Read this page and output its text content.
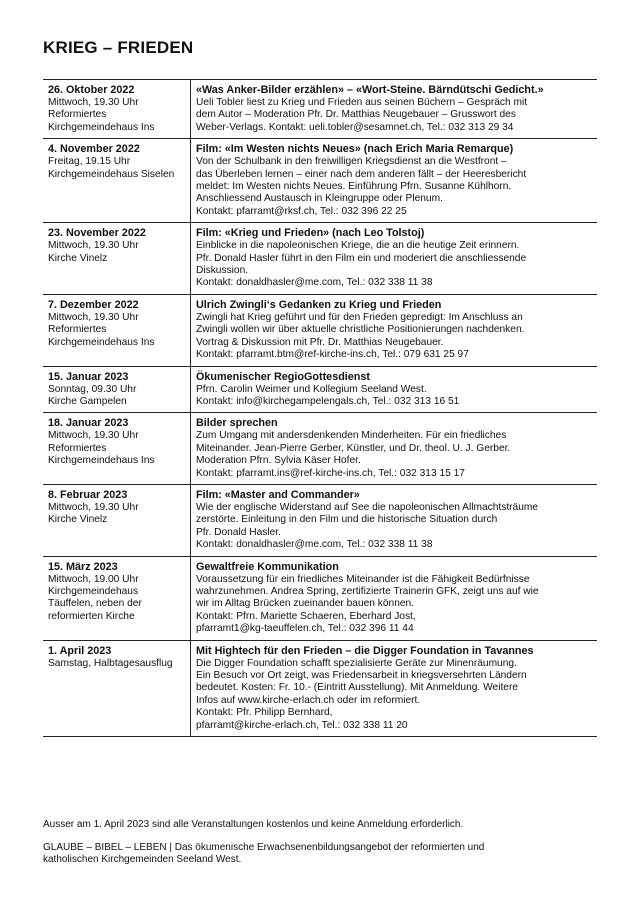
KRIEG – FRIEDEN
26. Oktober 2022
Mittwoch, 19.30 Uhr
Reformiertes
Kirchgemeindehaus Ins
«Was Anker-Bilder erzählen» – «Wort-Steine. Bärndütschi Gedicht.»
Ueli Tobler liest zu Krieg und Frieden aus seinen Büchern – Gespräch mit
dem Autor – Moderation Pfr. Dr. Matthias Neugebauer – Grusswort des
Weber-Verlags. Kontakt: ueli.tobler@sesamnet.ch, Tel.: 032 313 29 34
4. November 2022
Freitag, 19.15 Uhr
Kirchgemeindehaus Siselen
Film: «Im Westen nichts Neues» (nach Erich Maria Remarque)
Von der Schulbank in den freiwilligen Kriegsdienst an die Westfront –
das Überleben lernen – einer nach dem anderen fällt – der Heeresbericht
meldet: Im Westen nichts Neues. Einführung Pfrn. Susanne Kühlhorn.
Anschliessend Austausch in Kleingruppe oder Plenum.
Kontakt: pfarramt@rksf.ch, Tel.: 032 396 22 25
23. November 2022
Mittwoch, 19.30 Uhr
Kirche Vinelz
Film: «Krieg und Frieden» (nach Leo Tolstoj)
Einblicke in die napoleonischen Kriege, die an die heutige Zeit erinnern.
Pfr. Donald Hasler führt in den Film ein und moderiert die anschliessende
Diskussion.
Kontakt: donaldhasler@me.com, Tel.: 032 338 11 38
7. Dezember 2022
Mittwoch, 19.30 Uhr
Reformiertes
Kirchgemeindehaus Ins
Ulrich Zwingli‘s Gedanken zu Krieg und Frieden
Zwingli hat Krieg geführt und für den Frieden gepredigt: Im Anschluss an
Zwingli wollen wir über aktuelle christliche Positionierungen nachdenken.
Vortrag & Diskussion mit Pfr. Dr. Matthias Neugebauer.
Kontakt: pfarramt.btm@ref-kirche-ins.ch, Tel.: 079 631 25 97
15. Januar 2023
Sonntag, 09.30 Uhr
Kirche Gampelen
Ökumenischer RegioGottesdienst
Pfrn. Carolin Weimer und Kollegium Seeland West.
Kontakt: info@kirchegampelengals.ch, Tel.: 032 313 16 51
18. Januar 2023
Mittwoch, 19.30 Uhr
Reformiertes
Kirchgemeindehaus Ins
Bilder sprechen
Zum Umgang mit andersdenkenden Minderheiten. Für ein friedliches
Miteinander. Jean-Pierre Gerber, Künstler, und Dr. theol. U. J. Gerber.
Moderation Pfrn. Sylvia Käser Hofer.
Kontakt: pfarramt.ins@ref-kirche-ins.ch, Tel.: 032 313 15 17
8. Februar 2023
Mittwoch, 19.30 Uhr
Kirche Vinelz
Film: «Master and Commander»
Wie der englische Widerstand auf See die napoleonischen Allmachtsträume
zerstörte. Einleitung in den Film und die historische Situation durch
Pfr. Donald Hasler.
Kontakt: donaldhasler@me.com, Tel.: 032 338 11 38
15. März 2023
Mittwoch, 19.00 Uhr
Kirchgemeindehaus
Täuffelen, neben der
reformierten Kirche
Gewaltfreie Kommunikation
Voraussetzung für ein friedliches Miteinander ist die Fähigkeit Bedürfnisse
wahrzunehmen. Andrea Spring, zertifizierte Trainerin GFK, zeigt uns auf wie
wir im Alltag Brücken zueinander bauen können.
Kontakt: Pfrn. Mariette Schaeren, Eberhard Jost,
pfarramt1@kg-taeuffelen.ch, Tel.: 032 396 11 44
1. April 2023
Samstag, Halbtagesausflug
Mit Hightech für den Frieden – die Digger Foundation in Tavannes
Die Digger Foundation schafft spezialisierte Geräte zur Minenräumung.
Ein Besuch vor Ort zeigt, was Friedensarbeit in kriegsversehrten Ländern
bedeutet. Kosten: Fr. 10.- (Eintritt Ausstellung). Mit Anmeldung. Weitere
Infos auf www.kirche-erlach.ch oder im reformiert.
Kontakt: Pfr. Philipp Bernhard,
pfarramt@kirche-erlach.ch, Tel.: 032 338 11 20
Ausser am 1. April 2023 sind alle Veranstaltungen kostenlos und keine Anmeldung erforderlich.
GLAUBE – BIBEL – LEBEN | Das ökumenische Erwachsenenbildungsangebot der reformierten und
katholischen Kirchgemeinden Seeland West.
